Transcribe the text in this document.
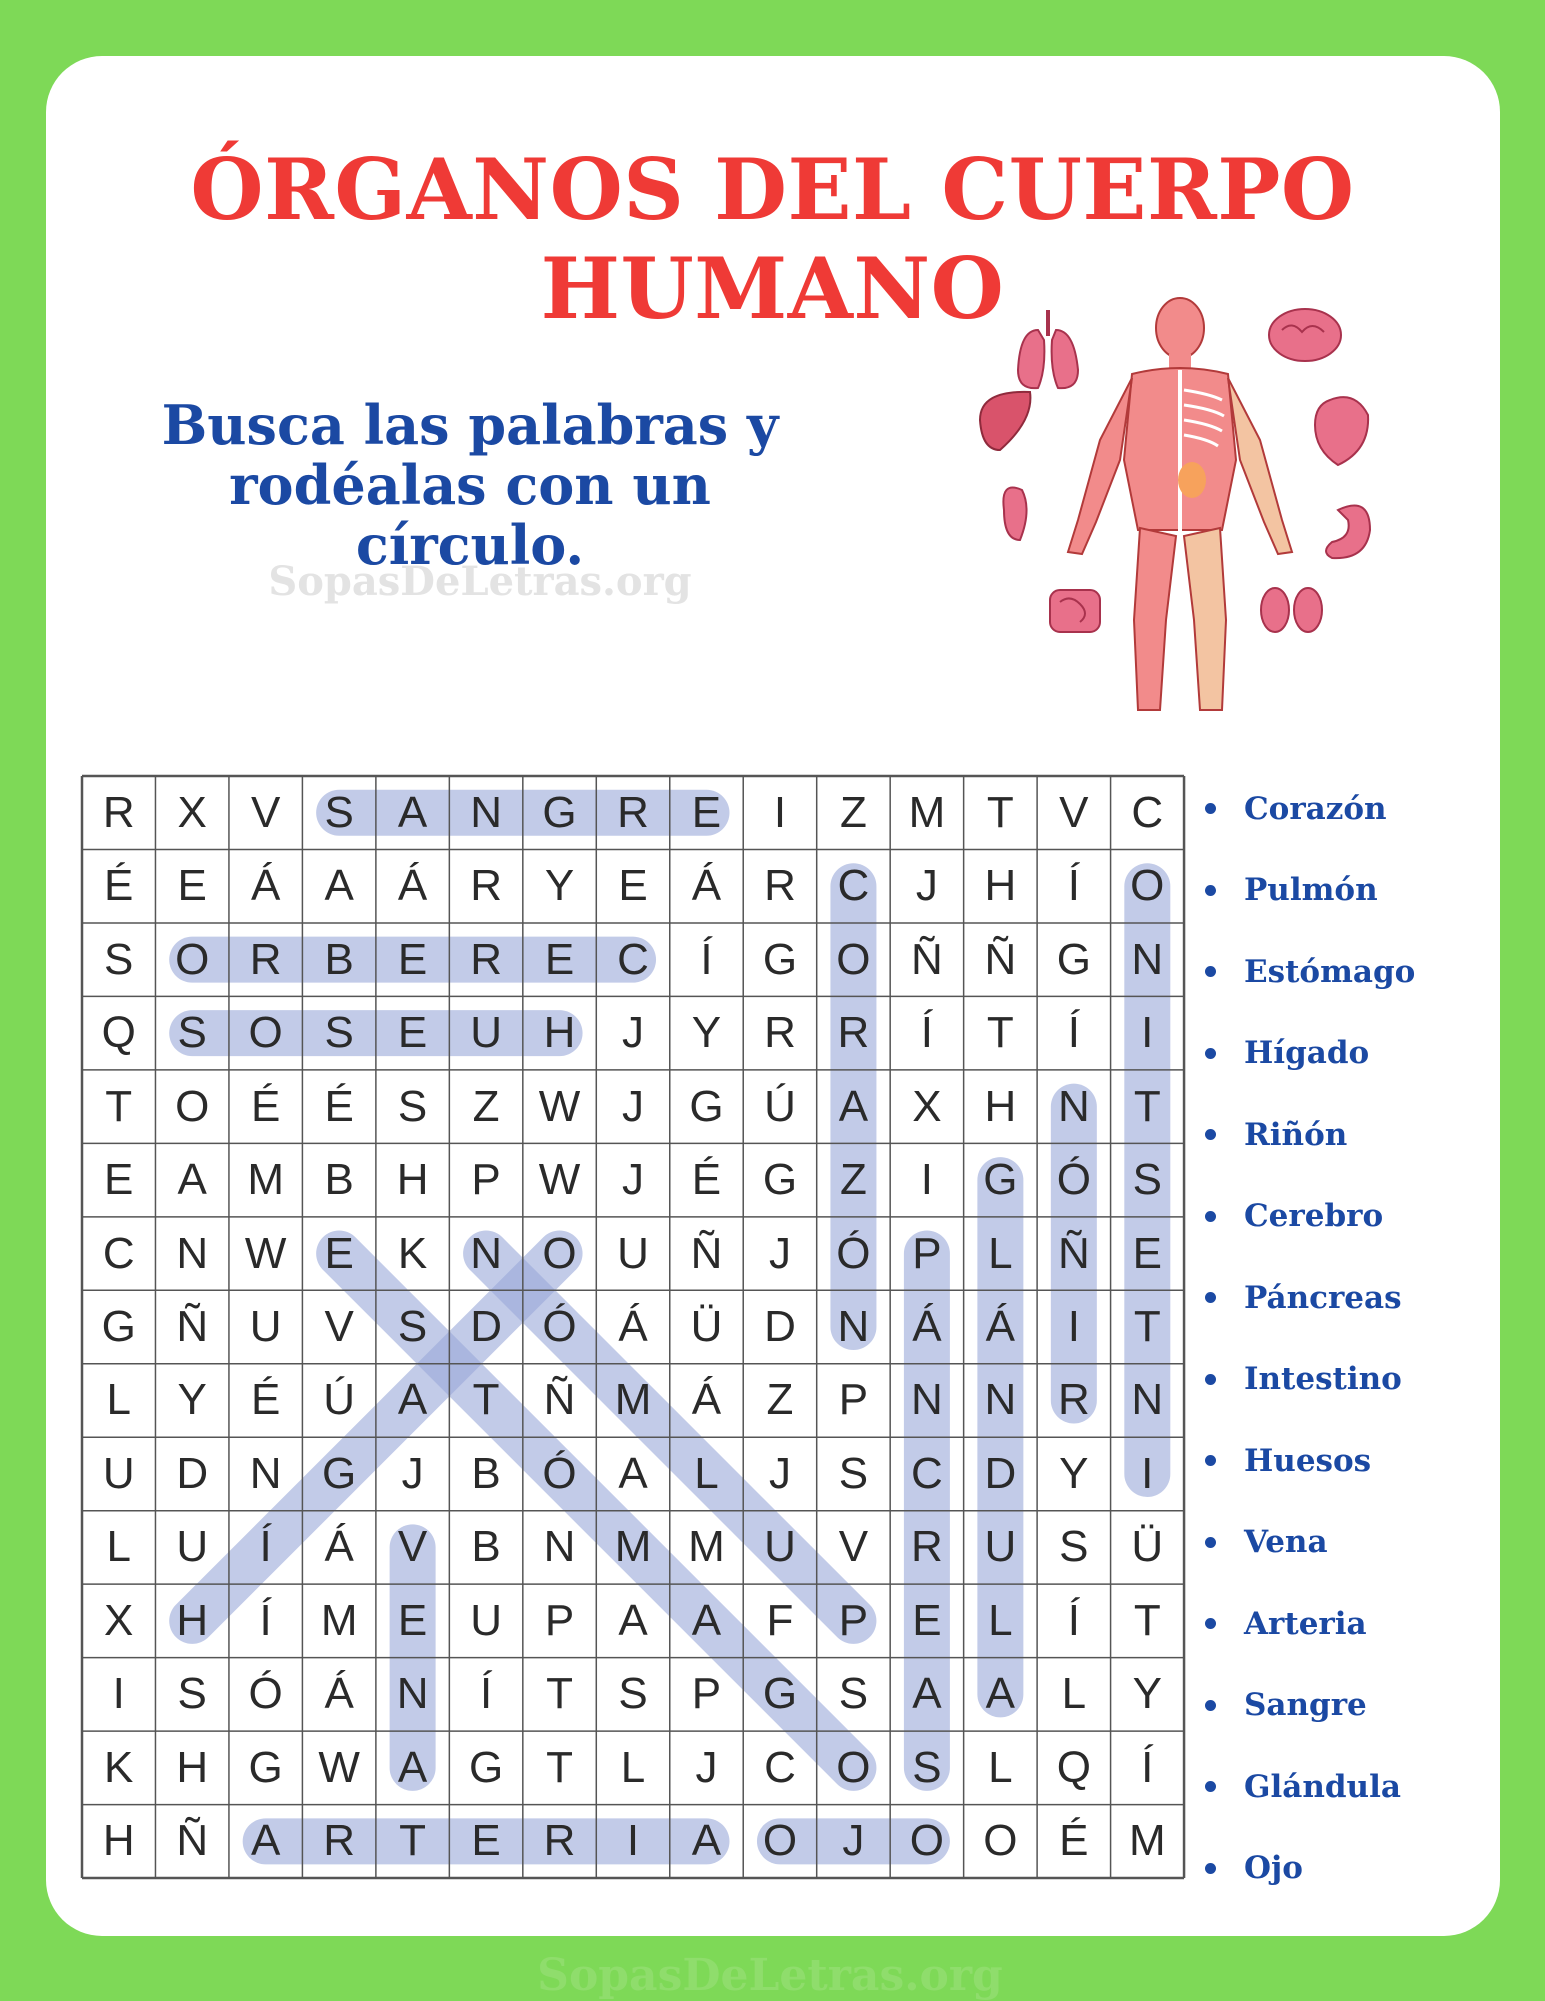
ÓRGANOS DEL CUERPO HUMANO
Busca las palabras y
rodéalas con un círculo.
SopasDeLetras.org
R X	V	S	A N G R E	I	Z M T	V C
É	E	Á	A	Á R Y	E	Á R C	J	H	Í	O
S O R B	E R E C	Í	G O Ñ Ñ G N
Q S O S	E U H	J	Y R R	Í	T	Í	I
T O É	É	S	Z W J	G Ú A	X H N	T
E	A M B H P W J	É G Z	I	G Ó S
C N W E	K N O U Ñ	J	Ó P	L	Ñ E
G Ñ U V	S D Ó Á Ü D N Á	Á	I	T
L	Y	É Ú A	T	Ñ M Á	Z	P N N R N
U D N G	J	B Ó A	L	J	S C D Y	I
L	U	Í	Á	V	B N M M U V R U S Ü
X H	Í	M E U P	A	A	F	P	E	L	Í	T
I	S Ó Á N	Í	T	S	P G S	A	A	L	Y
K H G W A G T	L	J	C O S	L	Q	Í
H Ñ A R	T	E R	I	A O	J	O O É M
Corazón
Pulmón
Estómago
Hígado
Riñón
Cerebro
Páncreas
Intestino
Huesos
Vena
Arteria
Sangre
Glándula
Ojo
SopasDeLetras.org
